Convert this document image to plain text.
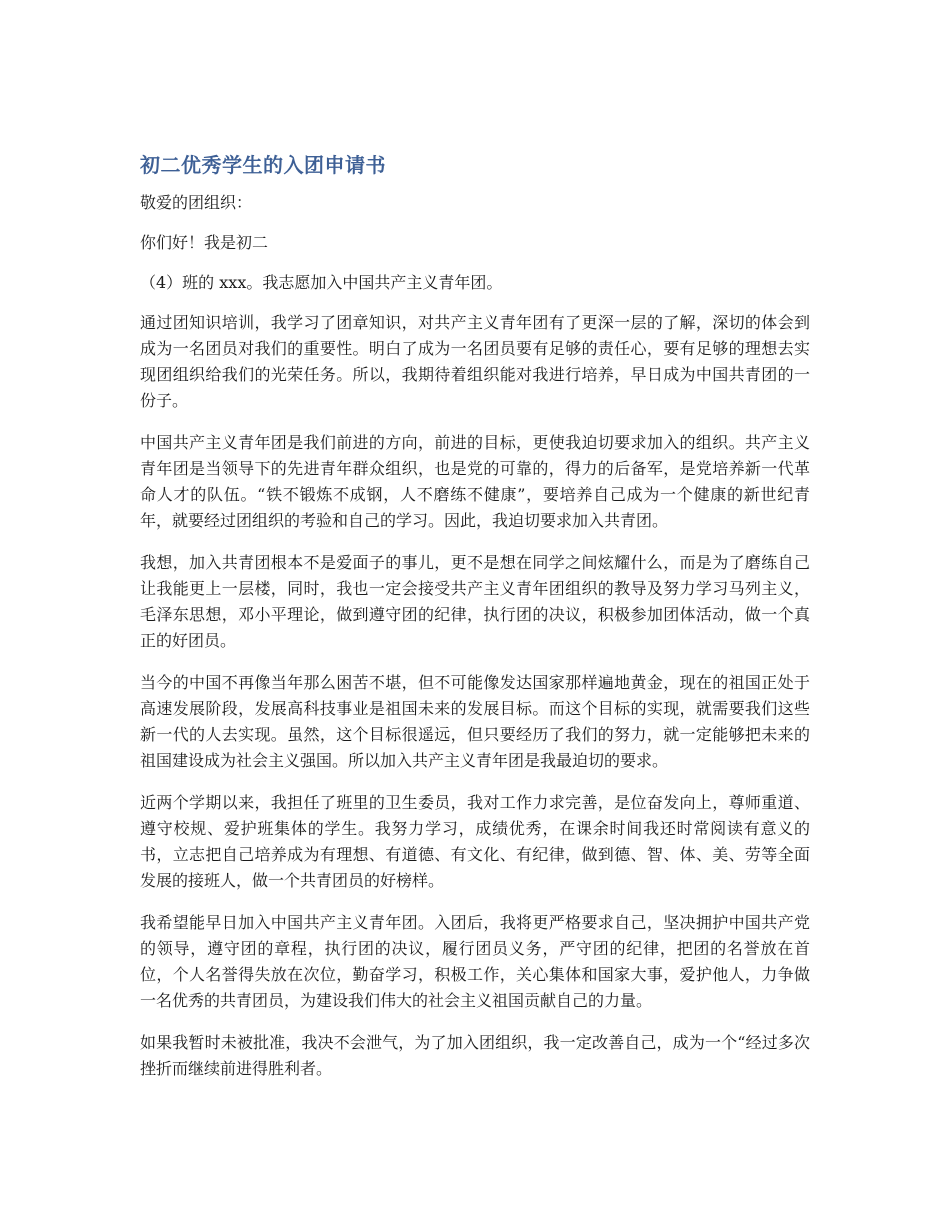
初二优秀学生的入团申请书

敬爱的团组织：

你们好！我是初二

（4）班的 xxx。我志愿加入中国共产主义青年团。

通过团知识培训，我学习了团章知识，对共产主义青年团有了更深一层的了解，深切的体会到成为一名团员对我们的重要性。明白了成为一名团员要有足够的责任心，要有足够的理想去实现团组织给我们的光荣任务。所以，我期待着组织能对我进行培养，早日成为中国共青团的一份子。

中国共产主义青年团是我们前进的方向，前进的目标，更使我迫切要求加入的组织。共产主义青年团是当领导下的先进青年群众组织，也是党的可靠的，得力的后备军，是党培养新一代革命人才的队伍。“铁不锻炼不成钢，人不磨练不健康”，要培养自己成为一个健康的新世纪青年，就要经过团组织的考验和自己的学习。因此，我迫切要求加入共青团。

我想，加入共青团根本不是爱面子的事儿，更不是想在同学之间炫耀什么，而是为了磨练自己让我能更上一层楼，同时，我也一定会接受共产主义青年团组织的教导及努力学习马列主义，毛泽东思想，邓小平理论，做到遵守团的纪律，执行团的决议，积极参加团体活动，做一个真正的好团员。

当今的中国不再像当年那么困苦不堪，但不可能像发达国家那样遍地黄金，现在的祖国正处于高速发展阶段，发展高科技事业是祖国未来的发展目标。而这个目标的实现，就需要我们这些新一代的人去实现。虽然，这个目标很遥远，但只要经历了我们的努力，就一定能够把未来的祖国建设成为社会主义强国。所以加入共产主义青年团是我最迫切的要求。

近两个学期以来，我担任了班里的卫生委员，我对工作力求完善，是位奋发向上，尊师重道、遵守校规、爱护班集体的学生。我努力学习，成绩优秀，在课余时间我还时常阅读有意义的书，立志把自己培养成为有理想、有道德、有文化、有纪律，做到德、智、体、美、劳等全面发展的接班人，做一个共青团员的好榜样。

我希望能早日加入中国共产主义青年团。入团后，我将更严格要求自己，坚决拥护中国共产党的领导，遵守团的章程，执行团的决议，履行团员义务，严守团的纪律，把团的名誉放在首位，个人名誉得失放在次位，勤奋学习，积极工作，关心集体和国家大事，爱护他人，力争做一名优秀的共青团员，为建设我们伟大的社会主义祖国贡献自己的力量。

如果我暂时未被批准，我决不会泄气，为了加入团组织，我一定改善自己，成为一个“经过多次挫折而继续前进得胜利者。
